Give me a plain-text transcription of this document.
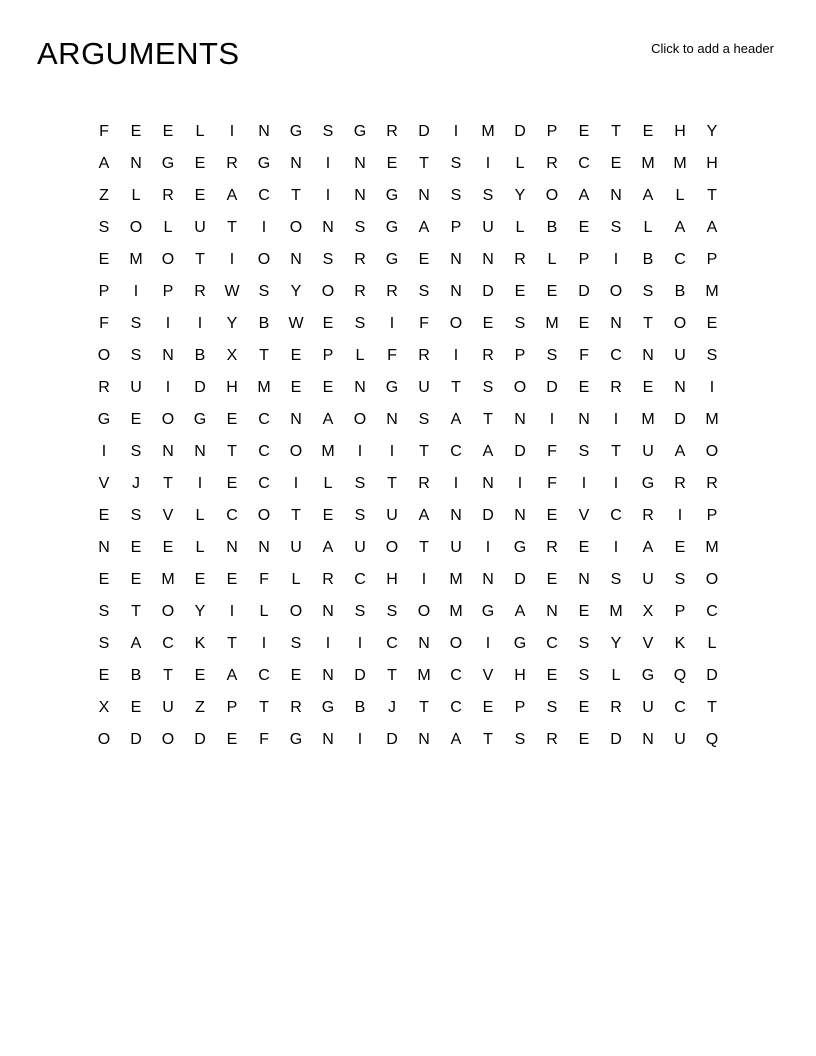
ARGUMENTS	Click to add a header
F	E	E	L	I	N	G	S	G	R	D	I	M	D	P	E	T	E	H	Y
A	N	G	E	R	G	N	I	N	E	T	S	I	L	R	C	E	M	M	H
Z	L	R	E	A	C	T	I	N	G	N	S	S	Y	O	A	N	A	L	T
S	O	L	U	T	I	O	N	S	G	A	P	U	L	B	E	S	L	A	A
E	M	O	T	I	O	N	S	R	G	E	N	N	R	L	P	I	B	C	P
P	I	P	R	W	S	Y	O	R	R	S	N	D	E	E	D	O	S	B	M
F	S	I	I	Y	B	W	E	S	I	F	O	E	S	M	E	N	T	O	E
O	S	N	B	X	T	E	P	L	F	R	I	R	P	S	F	C	N	U	S
R	U	I	D	H	M	E	E	N	G	U	T	S	O	D	E	R	E	N	I
G	E	O	G	E	C	N	A	O	N	S	A	T	N	I	N	I	M	D	M
I	S	N	N	T	C	O	M	I	I	T	C	A	D	F	S	T	U	A	O
V	J	T	I	E	C	I	L	S	T	R	I	N	I	F	I	I	G	R	R
E	S	V	L	C	O	T	E	S	U	A	N	D	N	E	V	C	R	I	P
N	E	E	L	N	N	U	A	U	O	T	U	I	G	R	E	I	A	E	M
E	E	M	E	E	F	L	R	C	H	I	M	N	D	E	N	S	U	S	O
S	T	O	Y	I	L	O	N	S	S	O	M	G	A	N	E	M	X	P	C
S	A	C	K	T	I	S	I	I	C	N	O	I	G	C	S	Y	V	K	L
E	B	T	E	A	C	E	N	D	T	M	C	V	H	E	S	L	G	Q	D
X	E	U	Z	P	T	R	G	B	J	T	C	E	P	S	E	R	U	C	T
O	D	O	D	E	F	G	N	I	D	N	A	T	S	R	E	D	N	U	Q
